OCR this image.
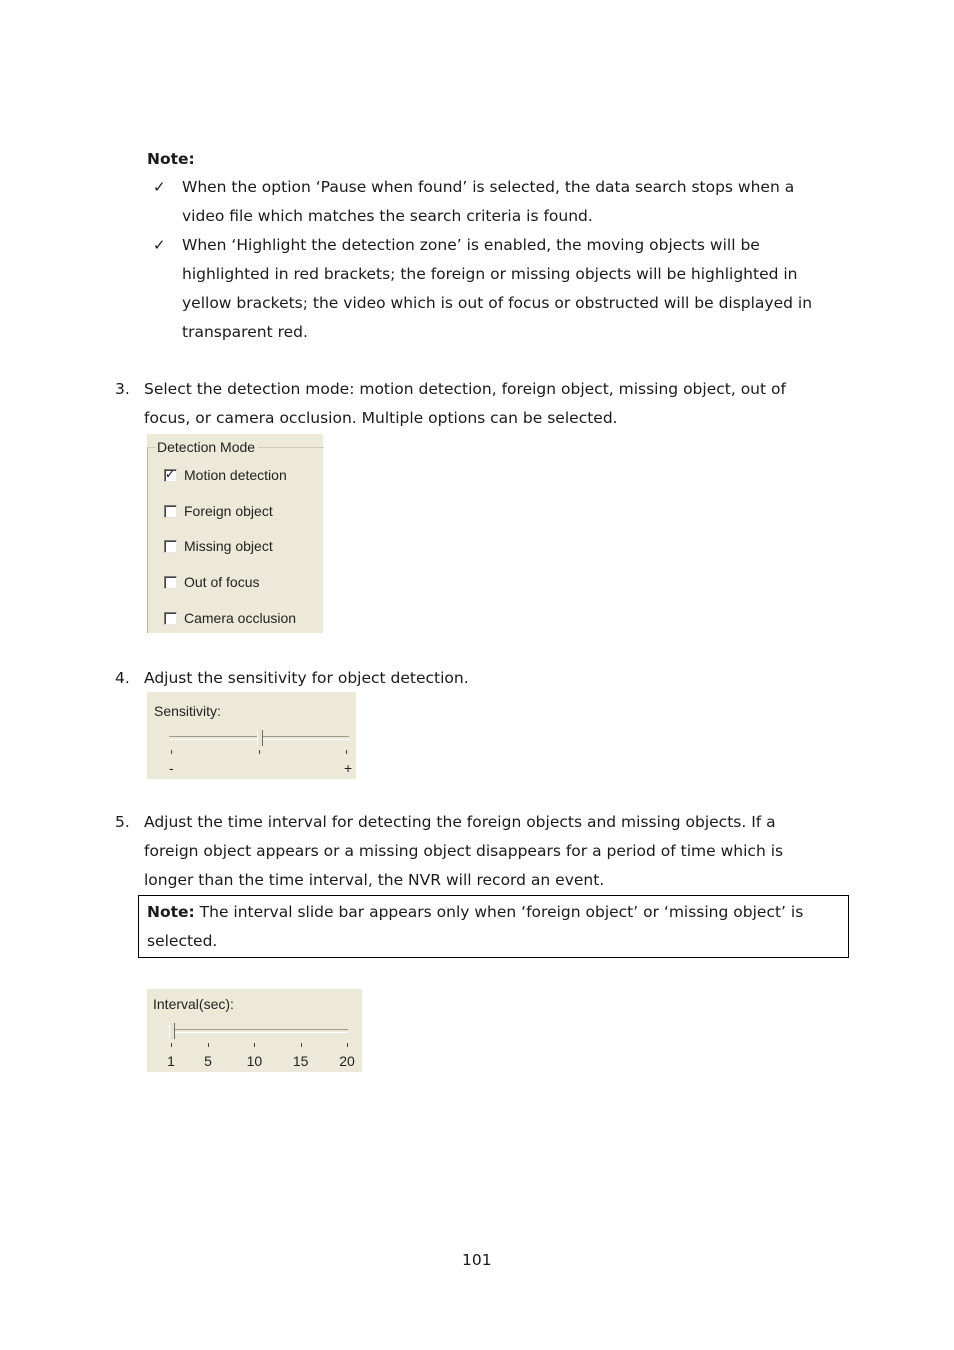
Note:
✓ When the option ‘Pause when found’ is selected, the data search stops when a
video file which matches the search criteria is found.
✓ When ‘Highlight the detection zone’ is enabled, the moving objects will be
highlighted in red brackets; the foreign or missing objects will be highlighted in
yellow brackets; the video which is out of focus or obstructed will be displayed in
transparent red.
3. Select the detection mode: motion detection, foreign object, missing object, out of
focus, or camera occlusion. Multiple options can be selected.
Detection Mode
✓ Motion detection
Foreign object
Missing object
Out of focus
Camera occlusion
4. Adjust the sensitivity for object detection.
Sensitivity:
-	+
5. Adjust the time interval for detecting the foreign objects and missing objects. If a
foreign object appears or a missing object disappears for a period of time which is
longer than the time interval, the NVR will record an event.
Note: The interval slide bar appears only when ‘foreign object’ or ‘missing object’ is
selected.
Interval(sec):
1 5 10 15 20
101
